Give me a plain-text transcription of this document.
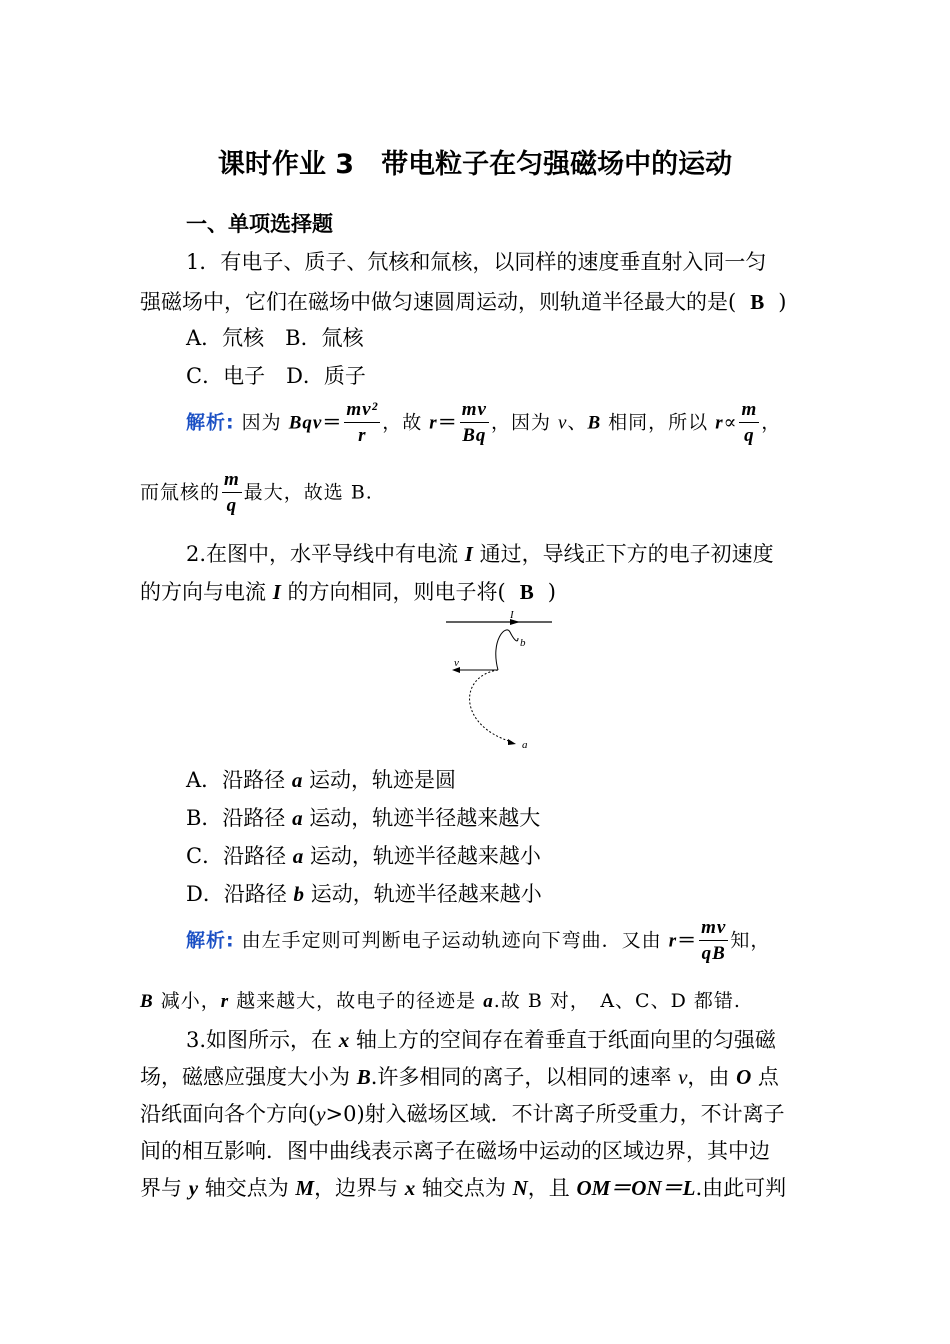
课时作业 3　带电粒子在匀强磁场中的运动
一、单项选择题
1．有电子、质子、氘核和氚核，以同样的速度垂直射入同一匀
强磁场中，它们在磁场中做匀速圆周运动，则轨道半径最大的是( B )
A．氘核　B．氚核
C．电子　D．质子
解析: 因为 $Bqv= \frac{\text{mv²}}{r}$ ，故 $r= \frac{mv}{Bq}$ ，因为 v、B 相同，所以 $r\propto \frac{m}{q}$ ，
而氚核的 $\frac{m}{q}$ 最大，故选 B.
2.在图中，水平导线中有电流 I 通过，导线正下方的电子初速度
的方向与电流 I 的方向相同，则电子将( B )
I
b
v
a
A．沿路径 a 运动，轨迹是圆
B．沿路径 a 运动，轨迹半径越来越大
C．沿路径 a 运动，轨迹半径越来越小
D．沿路径 b 运动，轨迹半径越来越小
解析: 由左手定则可判断电子运动轨迹向下弯曲．又由 $r= \frac{mv}{qB}$ 知，
B 减小，r 越来越大，故电子的径迹是 a.故 B 对，　A、C、D 都错.
3.如图所示，在 x 轴上方的空间存在着垂直于纸面向里的匀强磁
场，磁感应强度大小为 B.许多相同的离子，以相同的速率 v，由 O 点
沿纸面向各个方向(y>0)射入磁场区域．不计离子所受重力，不计离子
间的相互影响．图中曲线表示离子在磁场中运动的区域边界，其中边
界与 y 轴交点为 M，边界与 x 轴交点为 N，且 OM＝ON＝L.由此可判
